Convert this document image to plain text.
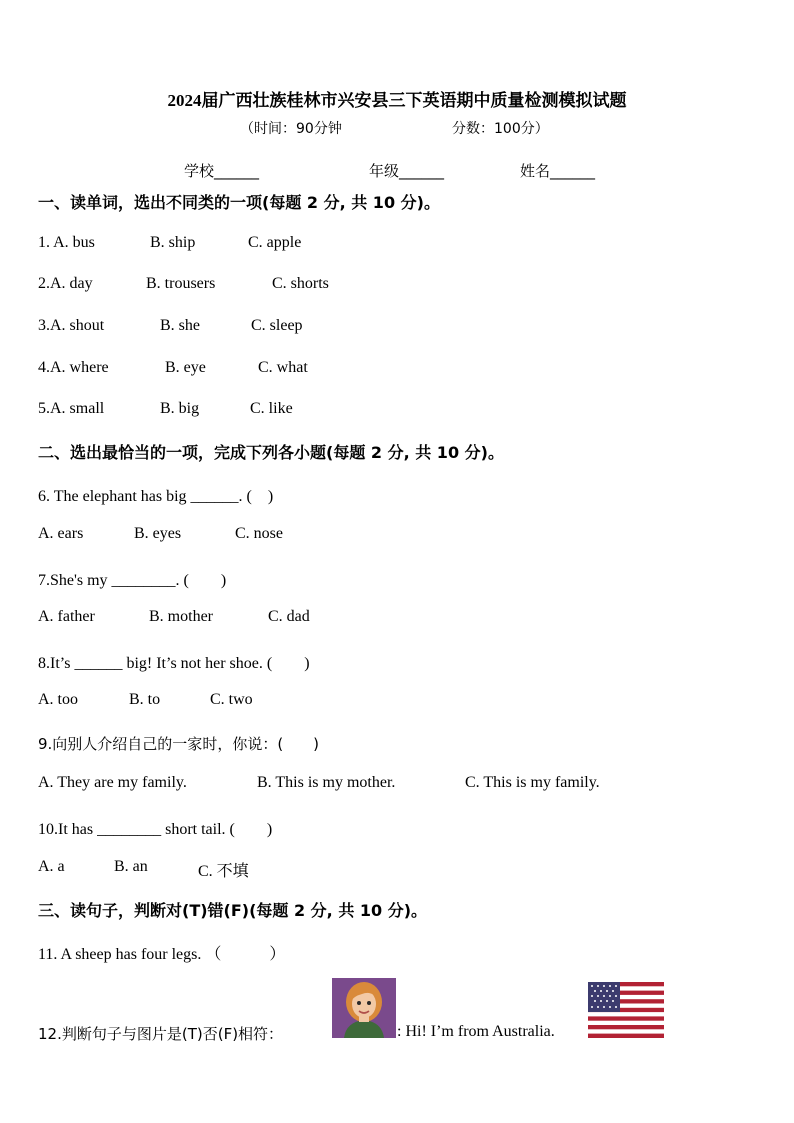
2024届广西壮族桂林市兴安县三下英语期中质量检测模拟试题
（时间：90分钟	分数：100分）
学校______	年级______	姓名______
一、读单词，选出不同类的一项(每题 2 分, 共 10 分)。
1. A. bus	B. ship	C. apple
2.A. day	B. trousers	C. shorts
3.A. shout	B. she	C. sleep
4.A. where	B. eye	C. what
5.A. small	B. big	C. like
二、选出最恰当的一项，完成下列各小题(每题 2 分, 共 10 分)。
6. The elephant has big ______. (　)
A. ears	B. eyes	C. nose
7.She's my ________. (　　)
A. father	B. mother	C. dad
8.It’s ______ big! It’s not her shoe. (　　)
A. too	B. to	C. two
9.向别人介绍自己的一家时，你说：(　　)
A. They are my family.	B. This is my mother.	C. This is my family.
10.It has ________ short tail. (　　)
A. a	B. an	C. 不填
三、读句子，判断对(T)错(F)(每题 2 分, 共 10 分)。
11. A sheep has four legs. （　　　）
12.判断句子与图片是(T)否(F)相符：	: Hi! I’m from Australia.
